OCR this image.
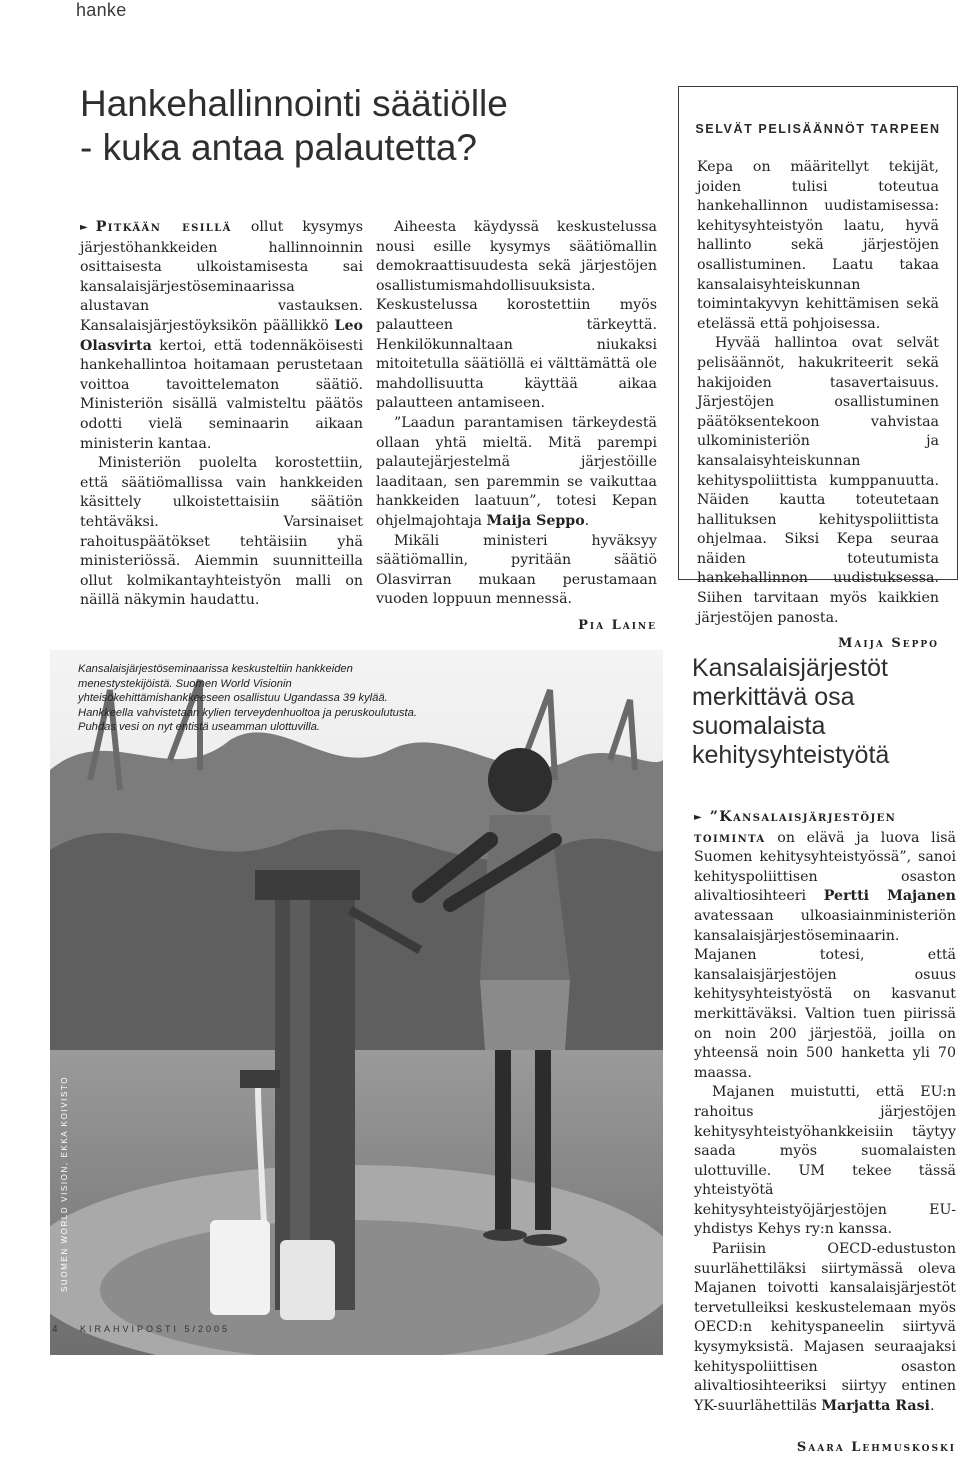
hanke
Hankehallinnointi säätiölle
- kuka antaa palautetta?

► Pitkään esillä ollut kysymys järjestöhankkeiden hallinnoinnin osittaisesta ulkoistamisesta sai kansalaisjärjestöseminaarissa alustavan vastauksen. Kansalaisjärjestöyksikön päällikkö Leo Olasvirta kertoi, että todennäköisesti hankehallintoa hoitamaan perustetaan voittoa tavoittelematon säätiö. Ministeriön sisällä valmisteltu päätös odotti vielä seminaarin aikaan ministerin kantaa.

Ministeriön puolelta korostettiin, että säätiömallissa vain hankkeiden käsittely ulkoistettaisiin säätiön tehtäväksi. Varsinaiset rahoituspäätökset tehtäisiin yhä ministeriössä. Aiemmin suunnitteilla ollut kolmikantayhteistyön malli on näillä näkymin haudattu.

Aiheesta käydyssä keskustelussa nousi esille kysymys säätiömallin demokraattisuudesta sekä järjestöjen osallistumismahdollisuuksista. Keskustelussa korostettiin myös palautteen tärkeyttä. Henkilökunnaltaan niukaksi mitoitetulla säätiöllä ei välttämättä ole mahdollisuutta käyttää aikaa palautteen antamiseen.

”Laadun parantamisen tärkeydestä ollaan yhtä mieltä. Mitä parempi palautejärjestelmä järjestöille laaditaan, sen paremmin se vaikuttaa hankkeiden laatuun”, totesi Kepan ohjelmajohtaja Maija Seppo.

Mikäli ministeri hyväksyy säätiömallin, pyritään säätiö Olasvirran mukaan perustamaan vuoden loppuun mennessä.

Pia Laine
SELVÄT PELISÄÄNNÖT TARPEEN

Kepa on määritellyt tekijät, joiden tulisi toteutua hankehallinnon uudistamisessa: kehitysyhteistyön laatu, hyvä hallinto sekä järjestöjen osallistuminen. Laatu takaa kansalaisyhteiskunnan toimintakyvyn kehittämisen sekä etelässä että pohjoisessa.

Hyvää hallintoa ovat selvät pelisäännöt, hakukriteerit sekä hakijoiden tasavertaisuus. Järjestöjen osallistuminen päätöksentekoon vahvistaa ulkoministeriön ja kansalaisyhteiskunnan kehityspoliittista kumppanuutta. Näiden kautta toteutetaan hallituksen kehityspoliittista ohjelmaa. Siksi Kepa seuraa näiden toteutumista hankehallinnon uudistuksessa. Siihen tarvitaan myös kaikkien järjestöjen panosta.

Maija Seppo
Kansalaisjärjestöseminaarissa keskusteltiin hankkeiden menestystekijöistä. Suomen World Visionin yhteisökehittämishankkeeseen osallistuu Ugandassa 39 kylää. Hankkeella vahvistetaan kylien terveydenhuoltoa ja peruskoulutusta. Puhdas vesi on nyt entistä useamman ulottuvilla.
SUOMEN WORLD VISION, EKKA KOIVISTO
Kansalaisjärjestöt merkittävä osa suomalaista kehitysyhteistyötä

► ”Kansalaisjärjestöjen toiminta on elävä ja luova lisä Suomen kehitysyhteistyössä”, sanoi kehityspoliittisen osaston alivaltiosihteeri Pertti Majanen avatessaan ulkoasiainministeriön kansalaisjärjestöseminaarin. Majanen totesi, että kansalaisjärjestöjen osuus kehitysyhteistyöstä on kasvanut merkittäväksi. Valtion tuen piirissä on noin 200 järjestöä, joilla on yhteensä noin 500 hanketta yli 70 maassa.

Majanen muistutti, että EU:n rahoitus järjestöjen kehitysyhteistyöhankkeisiin täytyy saada myös suomalaisten ulottuville. UM tekee tässä yhteistyötä kehitysyhteistyöjärjestöjen EU-yhdistys Kehys ry:n kanssa.

Pariisin OECD-edustuston suurlähettiläksi siirtymässä oleva Majanen toivotti kansalaisjärjestöt tervetulleiksi keskustelemaan myös OECD:n kehityspaneelin siirtyvä kysymyksistä. Majasen seuraajaksi kehityspoliittisen osaston alivaltiosihteeriksi siirtyy entinen YK-suurlähettiläs Marjatta Rasi.

Saara Lehmuskoski
4 KIRAHVIPOSTI 5/2005
